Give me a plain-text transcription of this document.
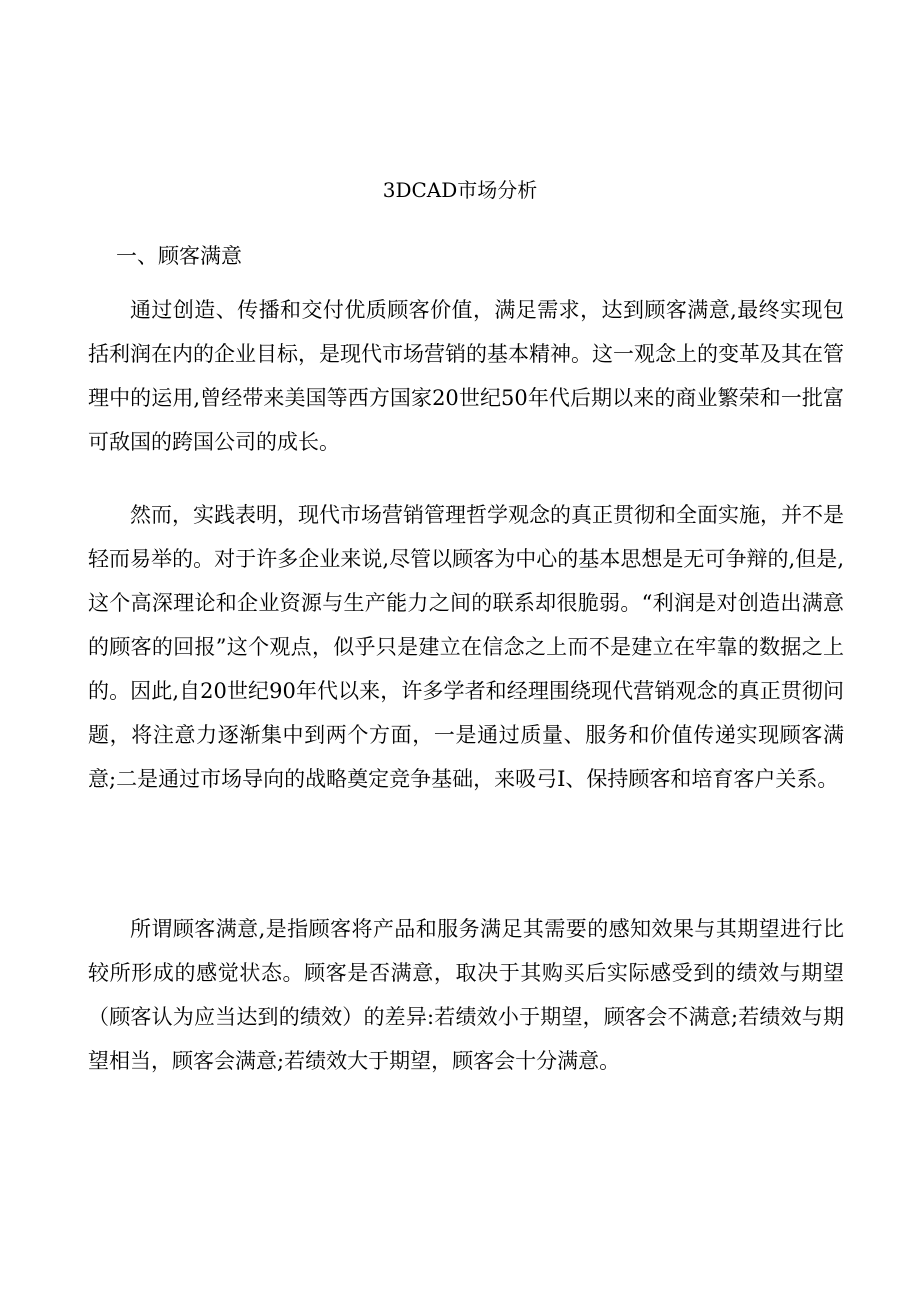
3DCAD市场分析
一、顾客满意

通过创造、传播和交付优质顾客价值，满足需求，达到顾客满意,最终实现包括利润在内的企业目标，是现代市场营销的基本精神。这一观念上的变革及其在管理中的运用,曾经带来美国等西方国家20世纪50年代后期以来的商业繁荣和一批富可敌国的跨国公司的成长。

然而，实践表明，现代市场营销管理哲学观念的真正贯彻和全面实施，并不是轻而易举的。对于许多企业来说,尽管以顾客为中心的基本思想是无可争辩的,但是,这个高深理论和企业资源与生产能力之间的联系却很脆弱。“利润是对创造出满意的顾客的回报”这个观点，似乎只是建立在信念之上而不是建立在牢靠的数据之上的。因此,自20世纪90年代以来，许多学者和经理围绕现代营销观念的真正贯彻问题，将注意力逐渐集中到两个方面，一是通过质量、服务和价值传递实现顾客满意;二是通过市场导向的战略奠定竞争基础，来吸弓I、保持顾客和培育客户关系。

所谓顾客满意,是指顾客将产品和服务满足其需要的感知效果与其期望进行比较所形成的感觉状态。顾客是否满意，取决于其购买后实际感受到的绩效与期望（顾客认为应当达到的绩效）的差异:若绩效小于期望，顾客会不满意;若绩效与期望相当，顾客会满意;若绩效大于期望，顾客会十分满意。
